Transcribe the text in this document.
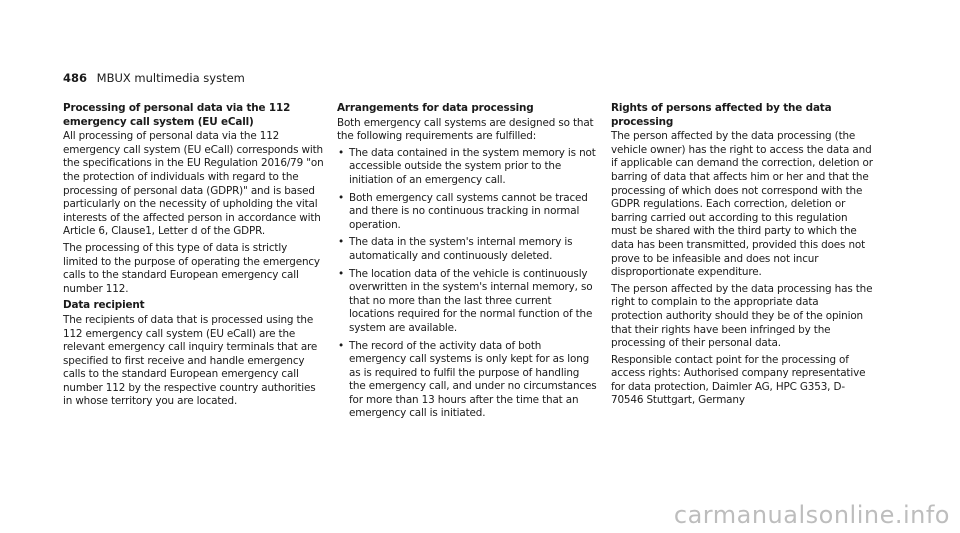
486 MBUX multimedia system
Processing of personal data via the 112 emergency call system (EU eCall)

All processing of personal data via the 112 emergency call system (EU eCall) corresponds with the specifications in the EU Regulation 2016/79 "on the protection of individuals with regard to the processing of personal data (GDPR)" and is based particularly on the necessity of upholding the vital interests of the affected person in accordance with Article 6, Clause1, Letter d of the GDPR.

The processing of this type of data is strictly limited to the purpose of operating the emergency calls to the standard European emergency call number 112.

Data recipient

The recipients of data that is processed using the 112 emergency call system (EU eCall) are the relevant emergency call inquiry terminals that are specified to first receive and handle emergency calls to the standard European emergency call number 112 by the respective country authorities in whose territory you are located.

Arrangements for data processing

Both emergency call systems are designed so that the following requirements are fulfilled:

• The data contained in the system memory is not accessible outside the system prior to the initiation of an emergency call.
• Both emergency call systems cannot be traced and there is no continuous tracking in normal operation.
• The data in the system's internal memory is automatically and continuously deleted.
• The location data of the vehicle is continuously overwritten in the system's internal memory, so that no more than the last three current locations required for the normal function of the system are available.
• The record of the activity data of both emergency call systems is only kept for as long as is required to fulfil the purpose of handling the emergency call, and under no circumstances for more than 13 hours after the time that an emergency call is initiated.
Rights of persons affected by the data processing

The person affected by the data processing (the vehicle owner) has the right to access the data and if applicable can demand the correction, deletion or barring of data that affects him or her and that the processing of which does not correspond with the GDPR regulations. Each correction, deletion or barring carried out according to this regulation must be shared with the third party to which the data has been transmitted, provided this does not prove to be infeasible and does not incur disproportionate expenditure.

The person affected by the data processing has the right to complain to the appropriate data protection authority should they be of the opinion that their rights have been infringed by the processing of their personal data.

Responsible contact point for the processing of access rights: Authorised company representative for data protection, Daimler AG, HPC G353, D-70546 Stuttgart, Germany

carmanualsonline.info
